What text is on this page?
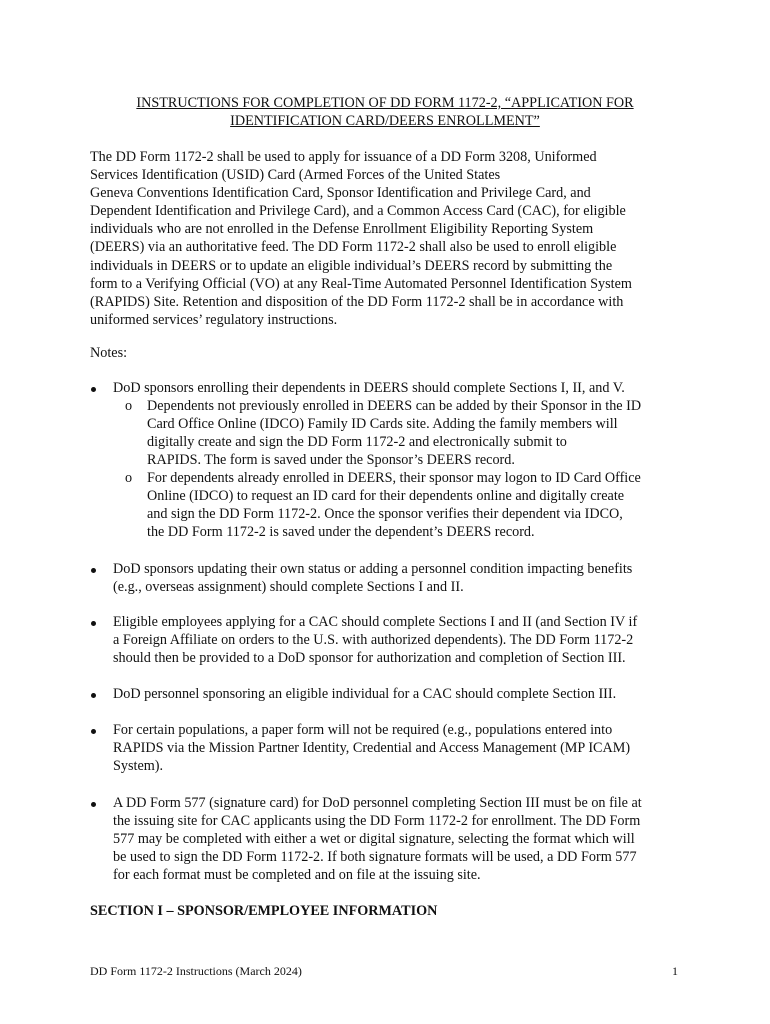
INSTRUCTIONS FOR COMPLETION OF DD FORM 1172-2, “APPLICATION FOR
IDENTIFICATION CARD/DEERS ENROLLMENT”

The DD Form 1172-2 shall be used to apply for issuance of a DD Form 3208, Uniformed
Services Identification (USID) Card (Armed Forces of the United States
Geneva Conventions Identification Card, Sponsor Identification and Privilege Card, and
Dependent Identification and Privilege Card), and a Common Access Card (CAC), for eligible
individuals who are not enrolled in the Defense Enrollment Eligibility Reporting System
(DEERS) via an authoritative feed. The DD Form 1172-2 shall also be used to enroll eligible
individuals in DEERS or to update an eligible individual’s DEERS record by submitting the
form to a Verifying Official (VO) at any Real-Time Automated Personnel Identification System
(RAPIDS) Site. Retention and disposition of the DD Form 1172-2 shall be in accordance with
uniformed services’ regulatory instructions.

Notes:

DoD sponsors enrolling their dependents in DEERS should complete Sections I, II, and V.
o Dependents not previously enrolled in DEERS can be added by their Sponsor in the ID
Card Office Online (IDCO) Family ID Cards site. Adding the family members will
digitally create and sign the DD Form 1172-2 and electronically submit to
RAPIDS. The form is saved under the Sponsor’s DEERS record.
o For dependents already enrolled in DEERS, their sponsor may logon to ID Card Office
Online (IDCO) to request an ID card for their dependents online and digitally create
and sign the DD Form 1172-2. Once the sponsor verifies their dependent via IDCO,
the DD Form 1172-2 is saved under the dependent’s DEERS record.
DoD sponsors updating their own status or adding a personnel condition impacting benefits
(e.g., overseas assignment) should complete Sections I and II.
Eligible employees applying for a CAC should complete Sections I and II (and Section IV if
a Foreign Affiliate on orders to the U.S. with authorized dependents). The DD Form 1172-2
should then be provided to a DoD sponsor for authorization and completion of Section III.
DoD personnel sponsoring an eligible individual for a CAC should complete Section III.
For certain populations, a paper form will not be required (e.g., populations entered into
RAPIDS via the Mission Partner Identity, Credential and Access Management (MP ICAM)
System).
A DD Form 577 (signature card) for DoD personnel completing Section III must be on file at
the issuing site for CAC applicants using the DD Form 1172-2 for enrollment. The DD Form
577 may be completed with either a wet or digital signature, selecting the format which will
be used to sign the DD Form 1172-2. If both signature formats will be used, a DD Form 577
for each format must be completed and on file at the issuing site.

SECTION I – SPONSOR/EMPLOYEE INFORMATION

DD Form 1172-2 Instructions (March 2024)	1
